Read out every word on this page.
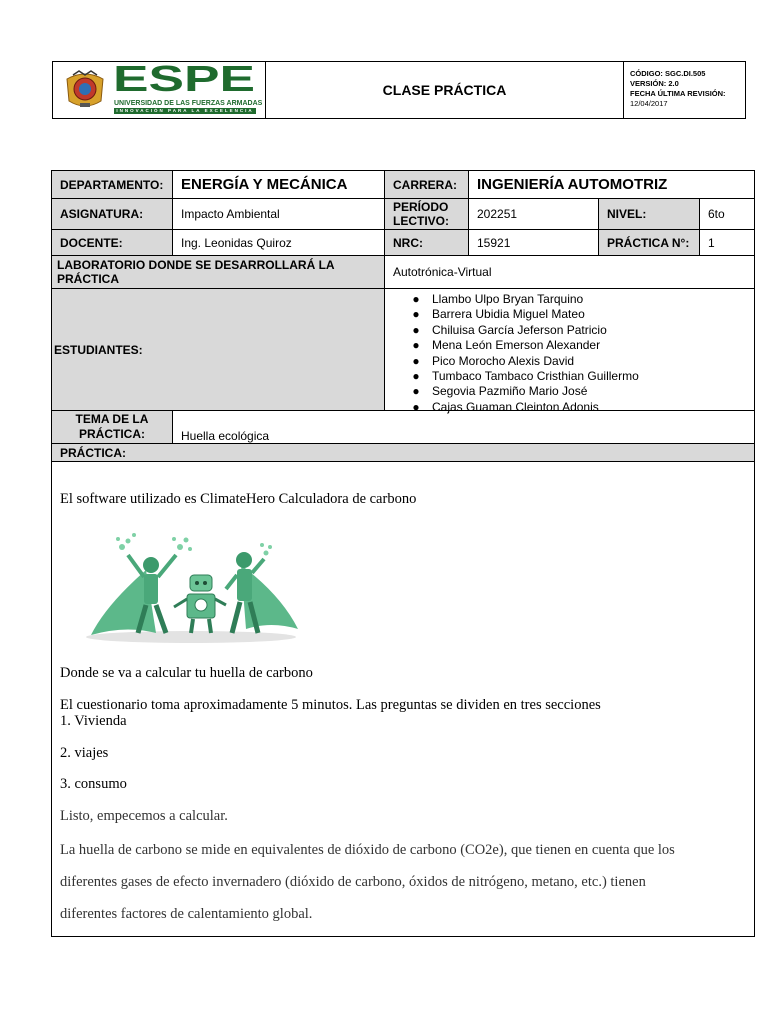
ESPE
UNIVERSIDAD DE LAS FUERZAS ARMADAS
INNOVACIÓN PARA LA EXCELENCIA
CLASE PRÁCTICA
CÓDIGO: SGC.DI.505
VERSIÓN: 2.0
FECHA ÚLTIMA REVISIÓN:
12/04/2017
DEPARTAMENTO:	ENERGÍA Y MECÁNICA	CARRERA:	INGENIERÍA AUTOMOTRIZ
ASIGNATURA:	Impacto Ambiental	PERÍODO LECTIVO:	202251	NIVEL:	6to
DOCENTE:	Ing. Leonidas Quiroz	NRC:	15921	PRÁCTICA N°:	1
LABORATORIO DONDE SE DESARROLLARÁ LA PRÁCTICA	Autotrónica-Virtual
ESTUDIANTES:
●	Llambo Ulpo Bryan Tarquino
●	Barrera Ubidia Miguel Mateo
●	Chiluisa García Jeferson Patricio
●	Mena León Emerson Alexander
●	Pico Morocho Alexis David
●	Tumbaco Tambaco Cristhian Guillermo
●	Segovia Pazmiño Mario José
●	Cajas Guaman Cleinton Adonis
TEMA DE LA PRÁCTICA:	Huella ecológica
PRÁCTICA:

El software utilizado es ClimateHero Calculadora de carbono

Donde se va a calcular tu huella de carbono

El cuestionario toma aproximadamente 5 minutos. Las preguntas se dividen en tres secciones

1. Vivienda

2. viajes

3. consumo

Listo, empecemos a calcular.

La huella de carbono se mide en equivalentes de dióxido de carbono (CO2e), que tienen en cuenta que los

diferentes gases de efecto invernadero (dióxido de carbono, óxidos de nitrógeno, metano, etc.) tienen

diferentes factores de calentamiento global.
